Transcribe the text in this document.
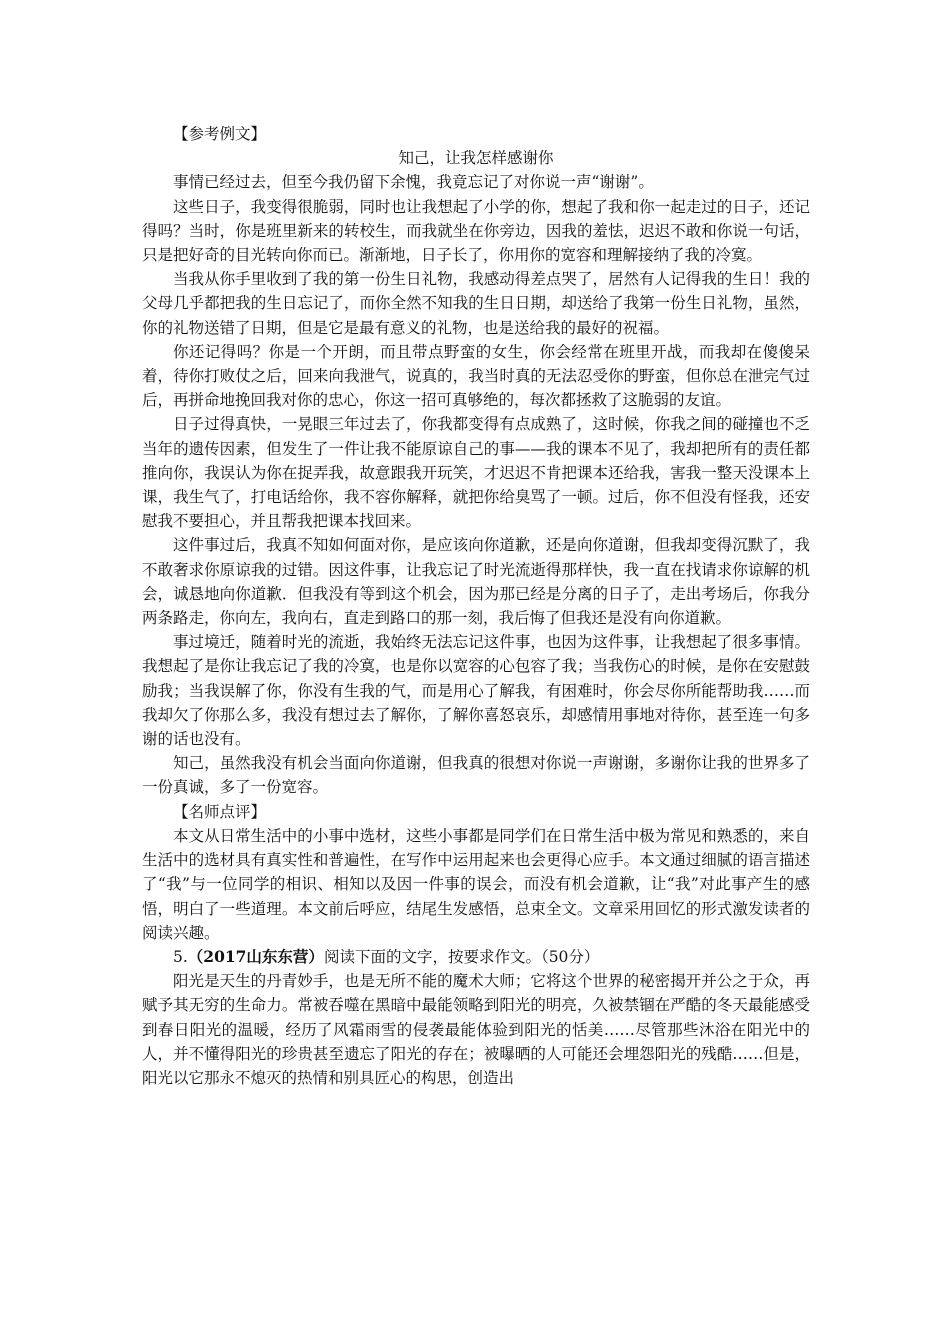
【参考例文】

知己，让我怎样感谢你

事情已经过去，但至今我仍留下余愧，我竟忘记了对你说一声“谢谢”。

这些日子，我变得很脆弱，同时也让我想起了小学的你，想起了我和你一起走过的日子，还记得吗？当时，你是班里新来的转校生，而我就坐在你旁边，因我的羞怯，迟迟不敢和你说一句话，只是把好奇的目光转向你而已。渐渐地，日子长了，你用你的宽容和理解接纳了我的冷寞。

当我从你手里收到了我的第一份生日礼物，我感动得差点哭了，居然有人记得我的生日！我的父母几乎都把我的生日忘记了，而你全然不知我的生日日期，却送给了我第一份生日礼物，虽然，你的礼物送错了日期，但是它是最有意义的礼物，也是送给我的最好的祝福。

你还记得吗？你是一个开朗，而且带点野蛮的女生，你会经常在班里开战，而我却在傻傻呆着，待你打败仗之后，回来向我泄气，说真的，我当时真的无法忍受你的野蛮，但你总在泄完气过后，再拼命地挽回我对你的忠心，你这一招可真够绝的，每次都拯救了这脆弱的友谊。

日子过得真快，一晃眼三年过去了，你我都变得有点成熟了，这时候，你我之间的碰撞也不乏当年的遗传因素，但发生了一件让我不能原谅自己的事——我的课本不见了，我却把所有的责任都推向你，我误认为你在捉弄我，故意跟我开玩笑，才迟迟不肯把课本还给我，害我一整天没课本上课，我生气了，打电话给你，我不容你解释，就把你给臭骂了一顿。过后，你不但没有怪我，还安慰我不要担心，并且帮我把课本找回来。

这件事过后，我真不知如何面对你，是应该向你道歉，还是向你道谢，但我却变得沉默了，我不敢奢求你原谅我的过错。因这件事，让我忘记了时光流逝得那样快，我一直在找请求你谅解的机会，诚恳地向你道歉．但我没有等到这个机会，因为那已经是分离的日子了，走出考场后，你我分两条路走，你向左，我向右，直走到路口的那一刻，我后悔了但我还是没有向你道歉。

事过境迁，随着时光的流逝，我始终无法忘记这件事，也因为这件事，让我想起了很多事情。我想起了是你让我忘记了我的冷寞，也是你以宽容的心包容了我；当我伤心的时候，是你在安慰鼓励我；当我误解了你，你没有生我的气，而是用心了解我，有困难时，你会尽你所能帮助我……而我却欠了你那么多，我没有想过去了解你，了解你喜怒哀乐，却感情用事地对待你，甚至连一句多谢的话也没有。

知己，虽然我没有机会当面向你道谢，但我真的很想对你说一声谢谢，多谢你让我的世界多了一份真诚，多了一份宽容。

【名师点评】

本文从日常生活中的小事中选材，这些小事都是同学们在日常生活中极为常见和熟悉的，来自生活中的选材具有真实性和普遍性，在写作中运用起来也会更得心应手。本文通过细腻的语言描述了“我”与一位同学的相识、相知以及因一件事的误会，而没有机会道歉，让“我”对此事产生的感悟，明白了一些道理。本文前后呼应，结尾生发感悟，总束全文。文章采用回忆的形式激发读者的阅读兴趣。

5.（2017山东东营）阅读下面的文字，按要求作文。（50分）

阳光是天生的丹青妙手，也是无所不能的魔术大师；它将这个世界的秘密揭开并公之于众，再赋予其无穷的生命力。常被吞噬在黑暗中最能领略到阳光的明亮，久被禁锢在严酷的冬天最能感受到春日阳光的温暖，经历了风霜雨雪的侵袭最能体验到阳光的恬美……尽管那些沐浴在阳光中的人，并不懂得阳光的珍贵甚至遗忘了阳光的存在；被曝晒的人可能还会埋怨阳光的残酷……但是，阳光以它那永不熄灭的热情和别具匠心的构思，创造出
